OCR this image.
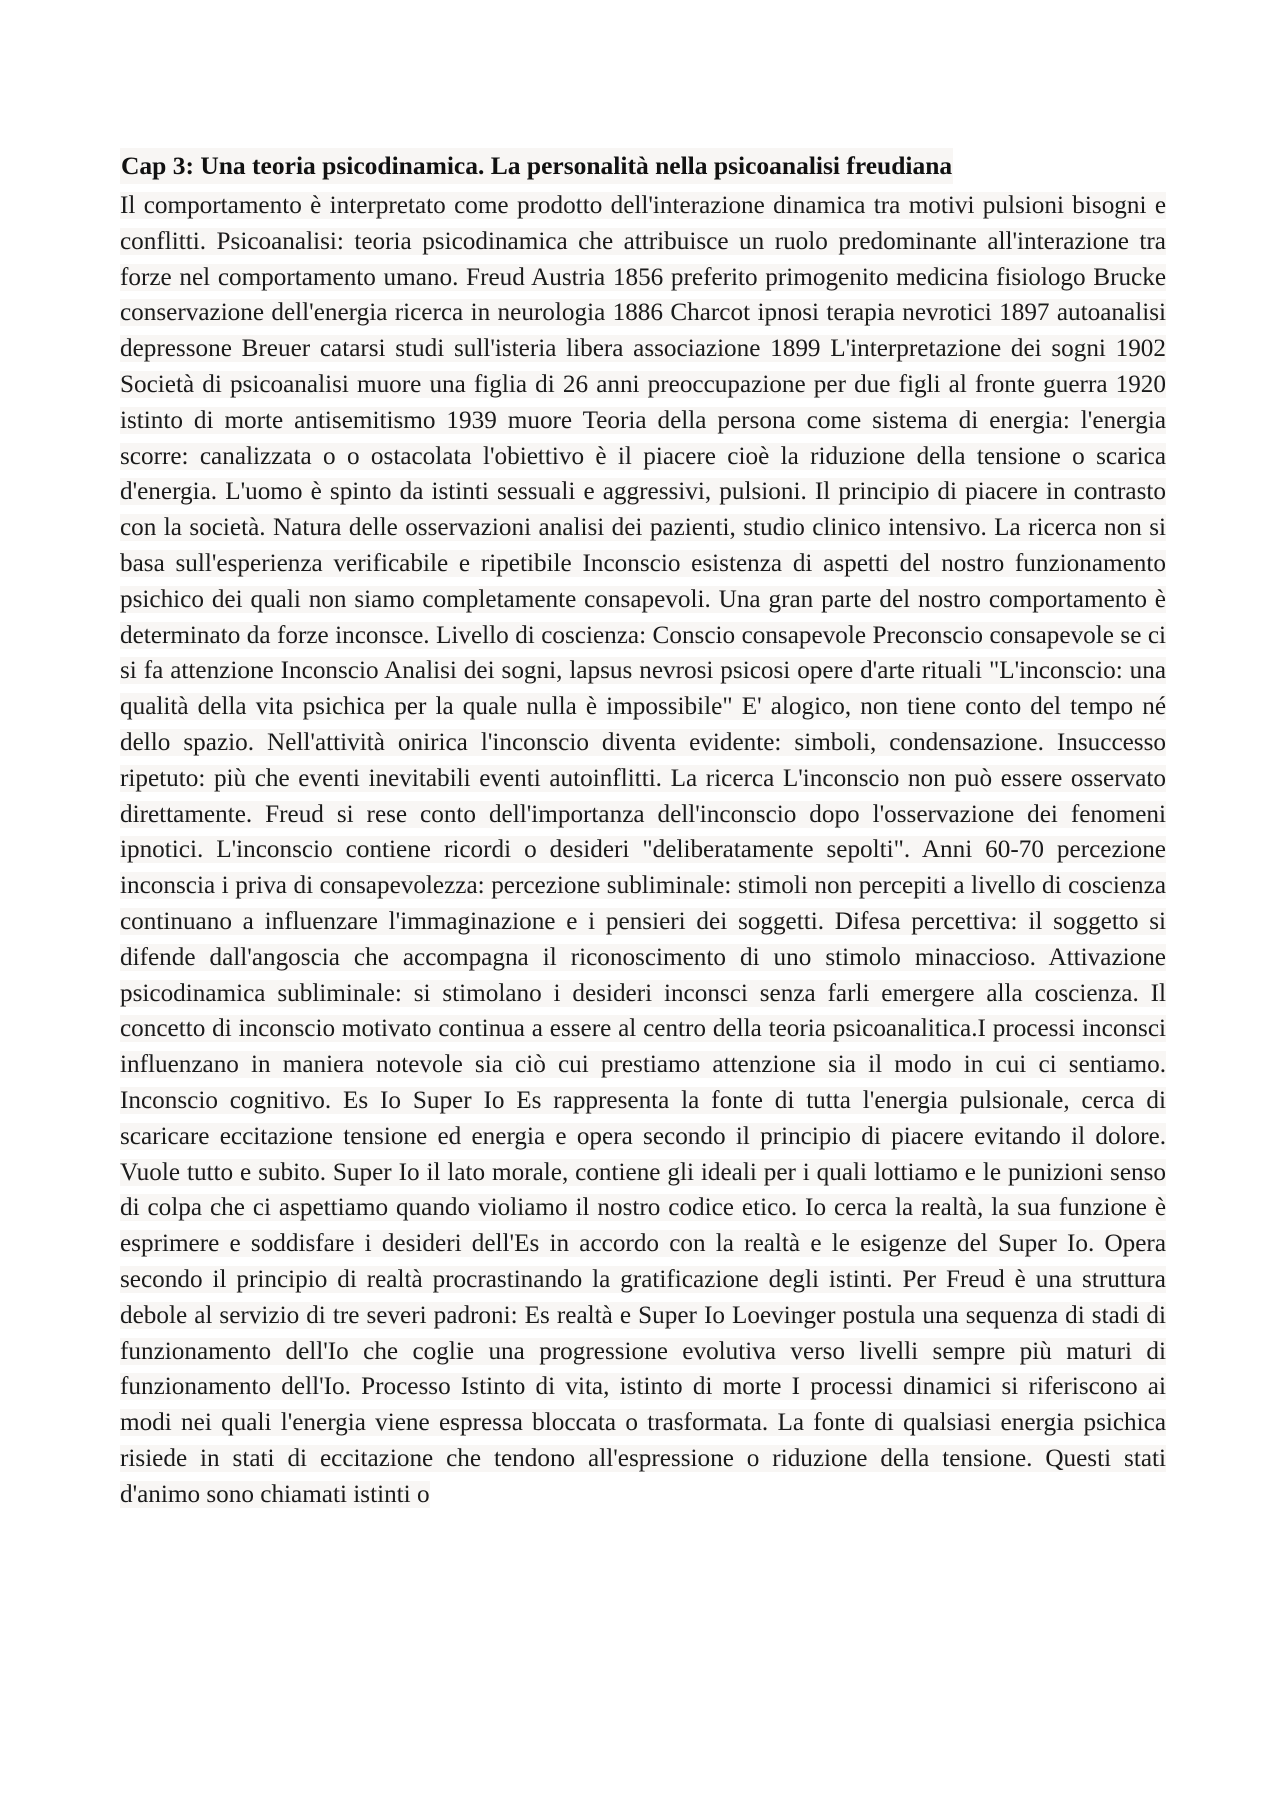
Cap 3: Una teoria psicodinamica. La personalità nella psicoanalisi freudiana

Il comportamento è interpretato come prodotto dell'interazione dinamica tra motivi pulsioni bisogni e conflitti. Psicoanalisi: teoria psicodinamica che attribuisce un ruolo predominante all'interazione tra forze nel comportamento umano. Freud Austria 1856 preferito primogenito medicina fisiologo Brucke conservazione dell'energia ricerca in neurologia 1886 Charcot ipnosi terapia nevrotici 1897 autoanalisi depressone Breuer catarsi studi sull'isteria libera associazione 1899 L'interpretazione dei sogni 1902 Società di psicoanalisi muore una figlia di 26 anni preoccupazione per due figli al fronte guerra 1920 istinto di morte antisemitismo 1939 muore Teoria della persona come sistema di energia: l'energia scorre: canalizzata o o ostacolata l'obiettivo è il piacere cioè la riduzione della tensione o scarica d'energia. L'uomo è spinto da istinti sessuali e aggressivi, pulsioni. Il principio di piacere in contrasto con la società. Natura delle osservazioni analisi dei pazienti, studio clinico intensivo. La ricerca non si basa sull'esperienza verificabile e ripetibile Inconscio esistenza di aspetti del nostro funzionamento psichico dei quali non siamo completamente consapevoli. Una gran parte del nostro comportamento è determinato da forze inconsce. Livello di coscienza: Conscio consapevole Preconscio consapevole se ci si fa attenzione Inconscio Analisi dei sogni, lapsus nevrosi psicosi opere d'arte rituali "L'inconscio: una qualità della vita psichica per la quale nulla è impossibile" E' alogico, non tiene conto del tempo né dello spazio. Nell'attività onirica l'inconscio diventa evidente: simboli, condensazione. Insuccesso ripetuto: più che eventi inevitabili eventi autoinflitti. La ricerca L'inconscio non può essere osservato direttamente. Freud si rese conto dell'importanza dell'inconscio dopo l'osservazione dei fenomeni ipnotici. L'inconscio contiene ricordi o desideri "deliberatamente sepolti". Anni 60-70 percezione inconscia i priva di consapevolezza: percezione subliminale: stimoli non percepiti a livello di coscienza continuano a influenzare l'immaginazione e i pensieri dei soggetti. Difesa percettiva: il soggetto si difende dall'angoscia che accompagna il riconoscimento di uno stimolo minaccioso. Attivazione psicodinamica subliminale: si stimolano i desideri inconsci senza farli emergere alla coscienza. Il concetto di inconscio motivato continua a essere al centro della teoria psicoanalitica.I processi inconsci influenzano in maniera notevole sia ciò cui prestiamo attenzione sia il modo in cui ci sentiamo. Inconscio cognitivo. Es Io Super Io Es rappresenta la fonte di tutta l'energia pulsionale, cerca di scaricare eccitazione tensione ed energia e opera secondo il principio di piacere evitando il dolore. Vuole tutto e subito. Super Io il lato morale, contiene gli ideali per i quali lottiamo e le punizioni senso di colpa che ci aspettiamo quando violiamo il nostro codice etico. Io cerca la realtà, la sua funzione è esprimere e soddisfare i desideri dell'Es in accordo con la realtà e le esigenze del Super Io. Opera secondo il principio di realtà procrastinando la gratificazione degli istinti. Per Freud è una struttura debole al servizio di tre severi padroni: Es realtà e Super Io Loevinger postula una sequenza di stadi di funzionamento dell'Io che coglie una progressione evolutiva verso livelli sempre più maturi di funzionamento dell'Io. Processo Istinto di vita, istinto di morte I processi dinamici si riferiscono ai modi nei quali l'energia viene espressa bloccata o trasformata. La fonte di qualsiasi energia psichica risiede in stati di eccitazione che tendono all'espressione o riduzione della tensione. Questi stati d'animo sono chiamati istinti o
